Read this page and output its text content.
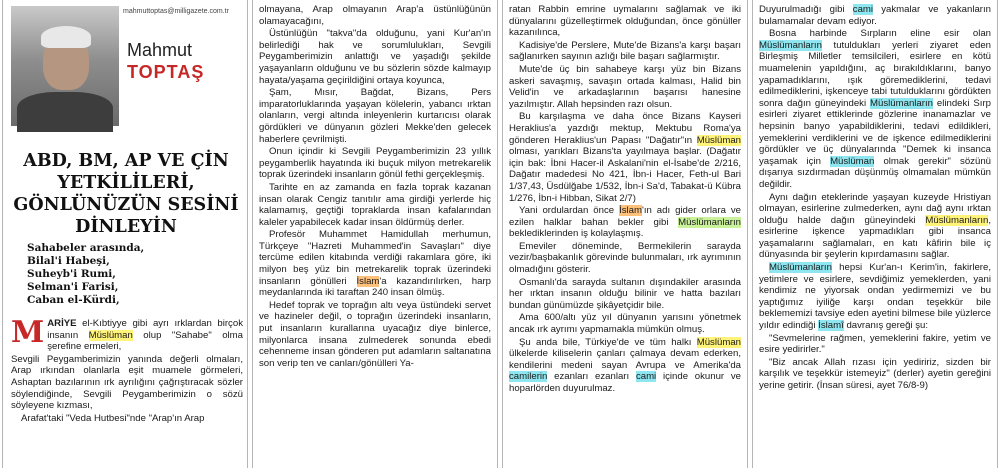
mahmuttoptas@milligazete.com.tr
Mahmut
TOPTAŞ
ABD, BM, AP VE ÇİN YETKİLİLERİ, GÖNLÜNÜZÜN SESİNİ DİNLEYİN
Sahabeler arasında,
Bilal'i Habeşi,
Suheyb'i Rumi,
Selman'i Farisi,
Caban el-Kürdi,

MARİYE el-Kıbtiyye gibi ayrı ırklardan birçok insanın Müslüman olup "Sahabe" olma şerefine ermeleri,

Sevgili Peygamberimizin yanında değerli olmaları, Arap ırkından olanlarla eşit muamele görmeleri, Ashaptan bazılarının ırk ayrılığını çağrıştıracak sözler söylendiğinde, Sevgili Peygamberimizin o sözü söyleyene kızması,

Arafat'taki "Veda Hutbesi"nde "Arap'ın Arap

olmayana, Arap olmayanın Arap'a üstünlüğünün olamayacağını,

Üstünlüğün "takva"da olduğunu, yani Kur'an'ın belirlediği hak ve sorumlulukları, Sevgili Peygamberimizin anlattığı ve yaşadığı şekilde yaşayanların olduğunu ve bu sözlerin sözde kalmayıp hayata/yaşama geçirildiğini ortaya koyunca,

Şam, Mısır, Bağdat, Bizans, Pers imparatorluklarında yaşayan kölelerin, yabancı ırktan olanların, vergi altında inleyenlerin kurtarıcısı olarak gördükleri ve dünyanın gözleri Mekke'den gelecek haberlere çevrilmişti.

Onun içindir ki Sevgili Peygamberimizin 23 yıllık peygamberlik hayatında iki buçuk milyon metrekarelik toprak üzerindeki insanların gönül fethi gerçekleşmiş.

Tarihte en az zamanda en fazla toprak kazanan insan olarak Cengiz tanıtılır ama girdiği yerlerde hiç kalamamış, geçtiği topraklarda insan kafalarından kaleler yapabilecek kadar insan öldürmüş derler.

Profesör Muhammet Hamidullah merhumun, Türkçeye "Hazreti Muhammed'in Savaşları" diye tercüme edilen kitabında verdiği rakamlara göre, iki milyon beş yüz bin metrekarelik toprak üzerindeki insanların gönülleri İslam'a kazandırılırken, harp meydanlarında iki taraftan 240 insan ölmüş.

Hedef toprak ve toprağın altı veya üstündeki servet ve hazineler değil, o toprağın üzerindeki insanların, put insanların kurallarına uyacağız diye binlerce, milyonlarca insana zulmederek sonunda ebedi cehenneme insan gönderen put adamların saltanatına son verip ten ve canları/gönülleri Ya-

ratan Rabbin emrine uymalarını sağlamak ve iki dünyalarını güzelleştirmek olduğundan, önce gönüller kazanılınca,

Kadisiye'de Perslere, Mute'de Bizans'a karşı başarı sağlanırken sayının azlığı bile başarı sağlarmıştır.

Mute'de üç bin sahabeye karşı yüz bin Bizans askeri savaşmış, savaşın ortada kalması, Halid bin Velid'in ve arkadaşlarının başarısı hanesine yazılmıştır. Allah hepsinden razı olsun.

Bu karşılaşma ve daha önce Bizans Kayseri Heraklius'a yazdığı mektup, Mektubu Roma'ya gönderen Heraklius'un Papası "Dağatır"ın Müslüman olması, yarıkları Bizans'ta yayılmaya başlar. (Dağatır için bak: İbni Hacer-il Askalani'nin el-İsabe'de 2/216, Dağatır madedesi No 421, İbn-i Hacer, Feth-ul Bari 1/37,43, Üsdülğabe 1/532, İbn-i Sa'd, Tabakat-ü Kübra 1/276, İbn-i Hibban, Sikat 2/7)

Yani ordulardan önce İslam'ın adı gider orlara ve ezilen halklar bahan bekler gibi Müslümanların beklediklerinden iş kolaylaşmış.

Emeviler döneminde, Bermekilerin sarayda vezir/başbakanlık görevinde bulunmaları, ırk ayrımının olmadığını gösterir.

Osmanlı'da sarayda sultanın dışındakiler arasında her ırktan insanın olduğu bilinir ve hatta bazıları bundan günümüzde şikâyetçidir bile.

Ama 600/altı yüz yıl dünyanın yarısını yönetmek ancak ırk ayrımı yapmamakla mümkün olmuş.

Şu anda bile, Türkiye'de ve tüm halkı Müslüman ülkelerde kiliselerin çanları çalmaya devam ederken, kendilerini medeni sayan Avrupa ve Amerika'da camilerin ezanları ezanları cami içinde okunur ve hoparlörden duyurulmaz.

Duyurulmadığı gibi cami yakmalar ve yakanların bulamamalar devam ediyor.

Bosna harbinde Sırpların eline esir olan Müslümanların tutuldukları yerleri ziyaret eden Birleşmiş Milletler temsilcileri, esirlere en kötü muamelenin yapıldığını, aç bırakıldıklarını, banyo yapamadıklarını, ışık göremediklerini, tedavi edilmediklerini, işkenceye tabi tutulduklarını gördükten sonra dağın güneyindeki Müslümanların elindeki Sırp esirleri ziyaret ettiklerinde gözlerine inanamazlar ve hepsinin banyo yapabildiklerini, tedavi edildikleri, yemeklerini verdiklerini ve de işkence edilmediklerini gördükler ve üç dünyalarında "Demek ki insanca yaşamak için Müslüman olmak gerekir" sözünü dışarıya sızdırmadan düşünmüş olmamalan mümkün değildir.

Aynı dağın eteklerinde yaşayan kuzeyde Hristiyan olmayan, esirlerine zulmederken, aynı dağ aynı ırktan olduğu halde dağın güneyindeki Müslümanların, esirlerine işkence yapmadıkları gibi insanca yaşamalarını sağlamaları, en katı kâfirin bile iç dünyasında bir şeylerin kıpırdamasını sağlar.

Müslümanların hepsi Kur'an-ı Kerim'in, fakirlere, yetimlere ve esirlere, sevdiğimiz yemeklerden, yani kendimiz ne yiyorsak ondan yedirmemizi ve bu yaptığımız iyiliğe karşı ondan teşekkür bile beklememizi tavsiye eden ayetini bilmese bile yüzlerce yıldır edindiği İslamî davranış gereği şu:

"Sevmelerine rağmen, yemeklerini fakire, yetim ve esire yedirirler."

"Biz ancak Allah rızası için yediririz, sizden bir karşılık ve teşekkür istemeyiz" (derler) ayetin gereğini yerine getirir. (İnsan süresi, ayet 76/8-9)
